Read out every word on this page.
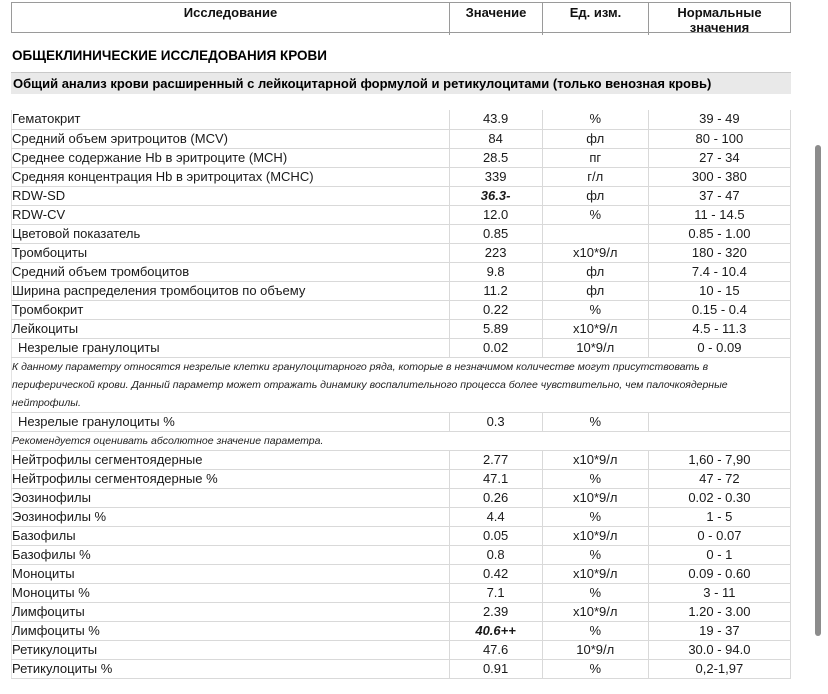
Исследование	Значение	Ед. изм.	Нормальные значения
ОБЩЕКЛИНИЧЕСКИЕ ИССЛЕДОВАНИЯ КРОВИ
Общий анализ крови расширенный с лейкоцитарной формулой и ретикулоцитами (только венозная кровь)
Гематокрит	43.9	%	39 - 49
Средний объем эритроцитов (MCV)	84	фл	80 - 100
Среднее содержание Hb в эритроците (MCH)	28.5	пг	27 - 34
Средняя концентрация Hb в эритроцитах (MCHC)	339	г/л	300 - 380
RDW-SD	36.3-	фл	37 - 47
RDW-CV	12.0	%	11 - 14.5
Цветовой показатель	0.85		0.85 - 1.00
Тромбоциты	223	х10*9/л	180 - 320
Средний объем тромбоцитов	9.8	фл	7.4 - 10.4
Ширина распределения тромбоцитов по объему	11.2	фл	10 - 15
Тромбокрит	0.22	%	0.15 - 0.4
Лейкоциты	5.89	х10*9/л	4.5 - 11.3
Незрелые гранулоциты	0.02	10*9/л	0 - 0.09
К данному параметру относятся незрелые клетки гранулоцитарного ряда, которые в незначимом количестве могут присутствовать в периферической крови. Данный параметр может отражать динамику воспалительного процесса более чувствительно, чем палочкоядерные нейтрофилы.			
Незрелые гранулоциты %	0.3	%	
Рекомендуется оценивать абсолютное значение параметра.			
Нейтрофилы сегментоядерные	2.77	х10*9/л	1,60 - 7,90
Нейтрофилы сегментоядерные %	47.1	%	47 - 72
Эозинофилы	0.26	х10*9/л	0.02 - 0.30
Эозинофилы %	4.4	%	1 - 5
Базофилы	0.05	х10*9/л	0 - 0.07
Базофилы %	0.8	%	0 - 1
Моноциты	0.42	х10*9/л	0.09 - 0.60
Моноциты %	7.1	%	3 - 11
Лимфоциты	2.39	х10*9/л	1.20 - 3.00
Лимфоциты %	40.6++	%	19 - 37
Ретикулоциты	47.6	10*9/л	30.0 - 94.0
Ретикулоциты %	0.91	%	0,2-1,97
